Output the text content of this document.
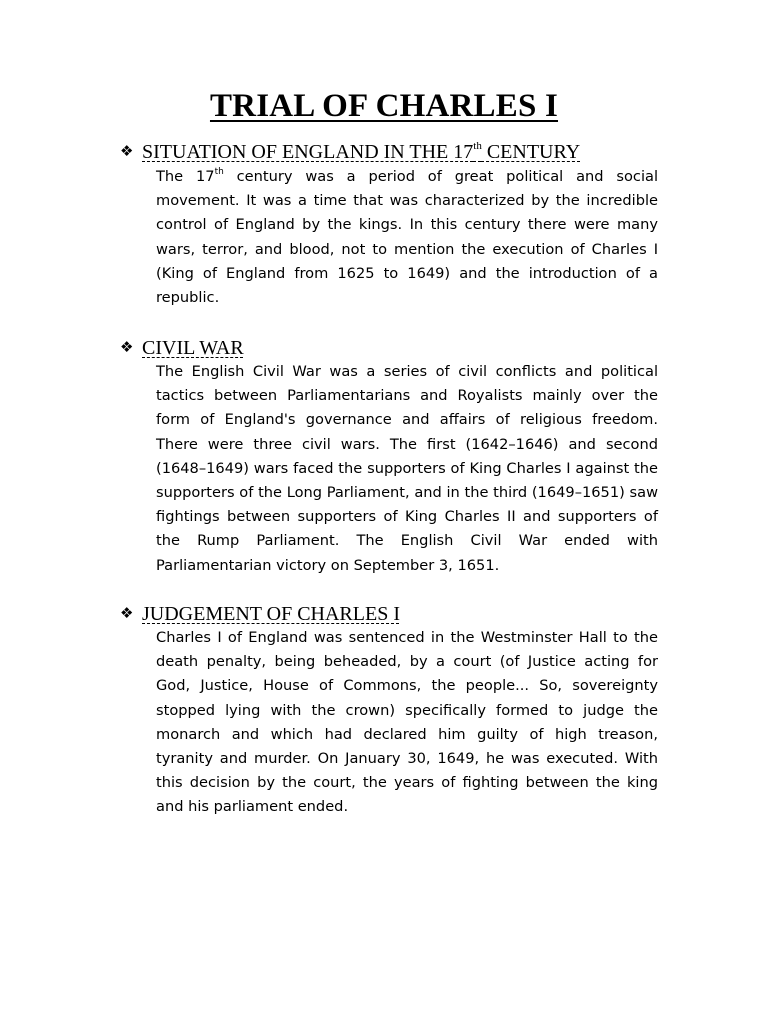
TRIAL OF CHARLES I
❖ SITUATION OF ENGLAND IN THE 17th CENTURY

The 17th century was a period of great political and social movement. It was a time that was characterized by the incredible control of England by the kings. In this century there were many wars, terror, and blood, not to mention the execution of Charles I (King of England from 1625 to 1649) and the introduction of a republic.

❖ CIVIL WAR

The English Civil War was a series of civil conflicts and political tactics between Parliamentarians and Royalists mainly over the form of England's governance and affairs of religious freedom. There were three civil wars. The first (1642–1646) and second (1648–1649) wars faced the supporters of King Charles I against the supporters of the Long Parliament, and in the third (1649–1651) saw fightings between supporters of King Charles II and supporters of the Rump Parliament. The English Civil War ended with Parliamentarian victory on September 3, 1651.

❖ JUDGEMENT OF CHARLES I

Charles I of England was sentenced in the Westminster Hall to the death penalty, being beheaded, by a court (of Justice acting for God, Justice, House of Commons, the people... So, sovereignty stopped lying with the crown) specifically formed to judge the monarch and which had declared him guilty of high treason, tyranity and murder. On January 30, 1649, he was executed. With this decision by the court, the years of fighting between the king and his parliament ended.
